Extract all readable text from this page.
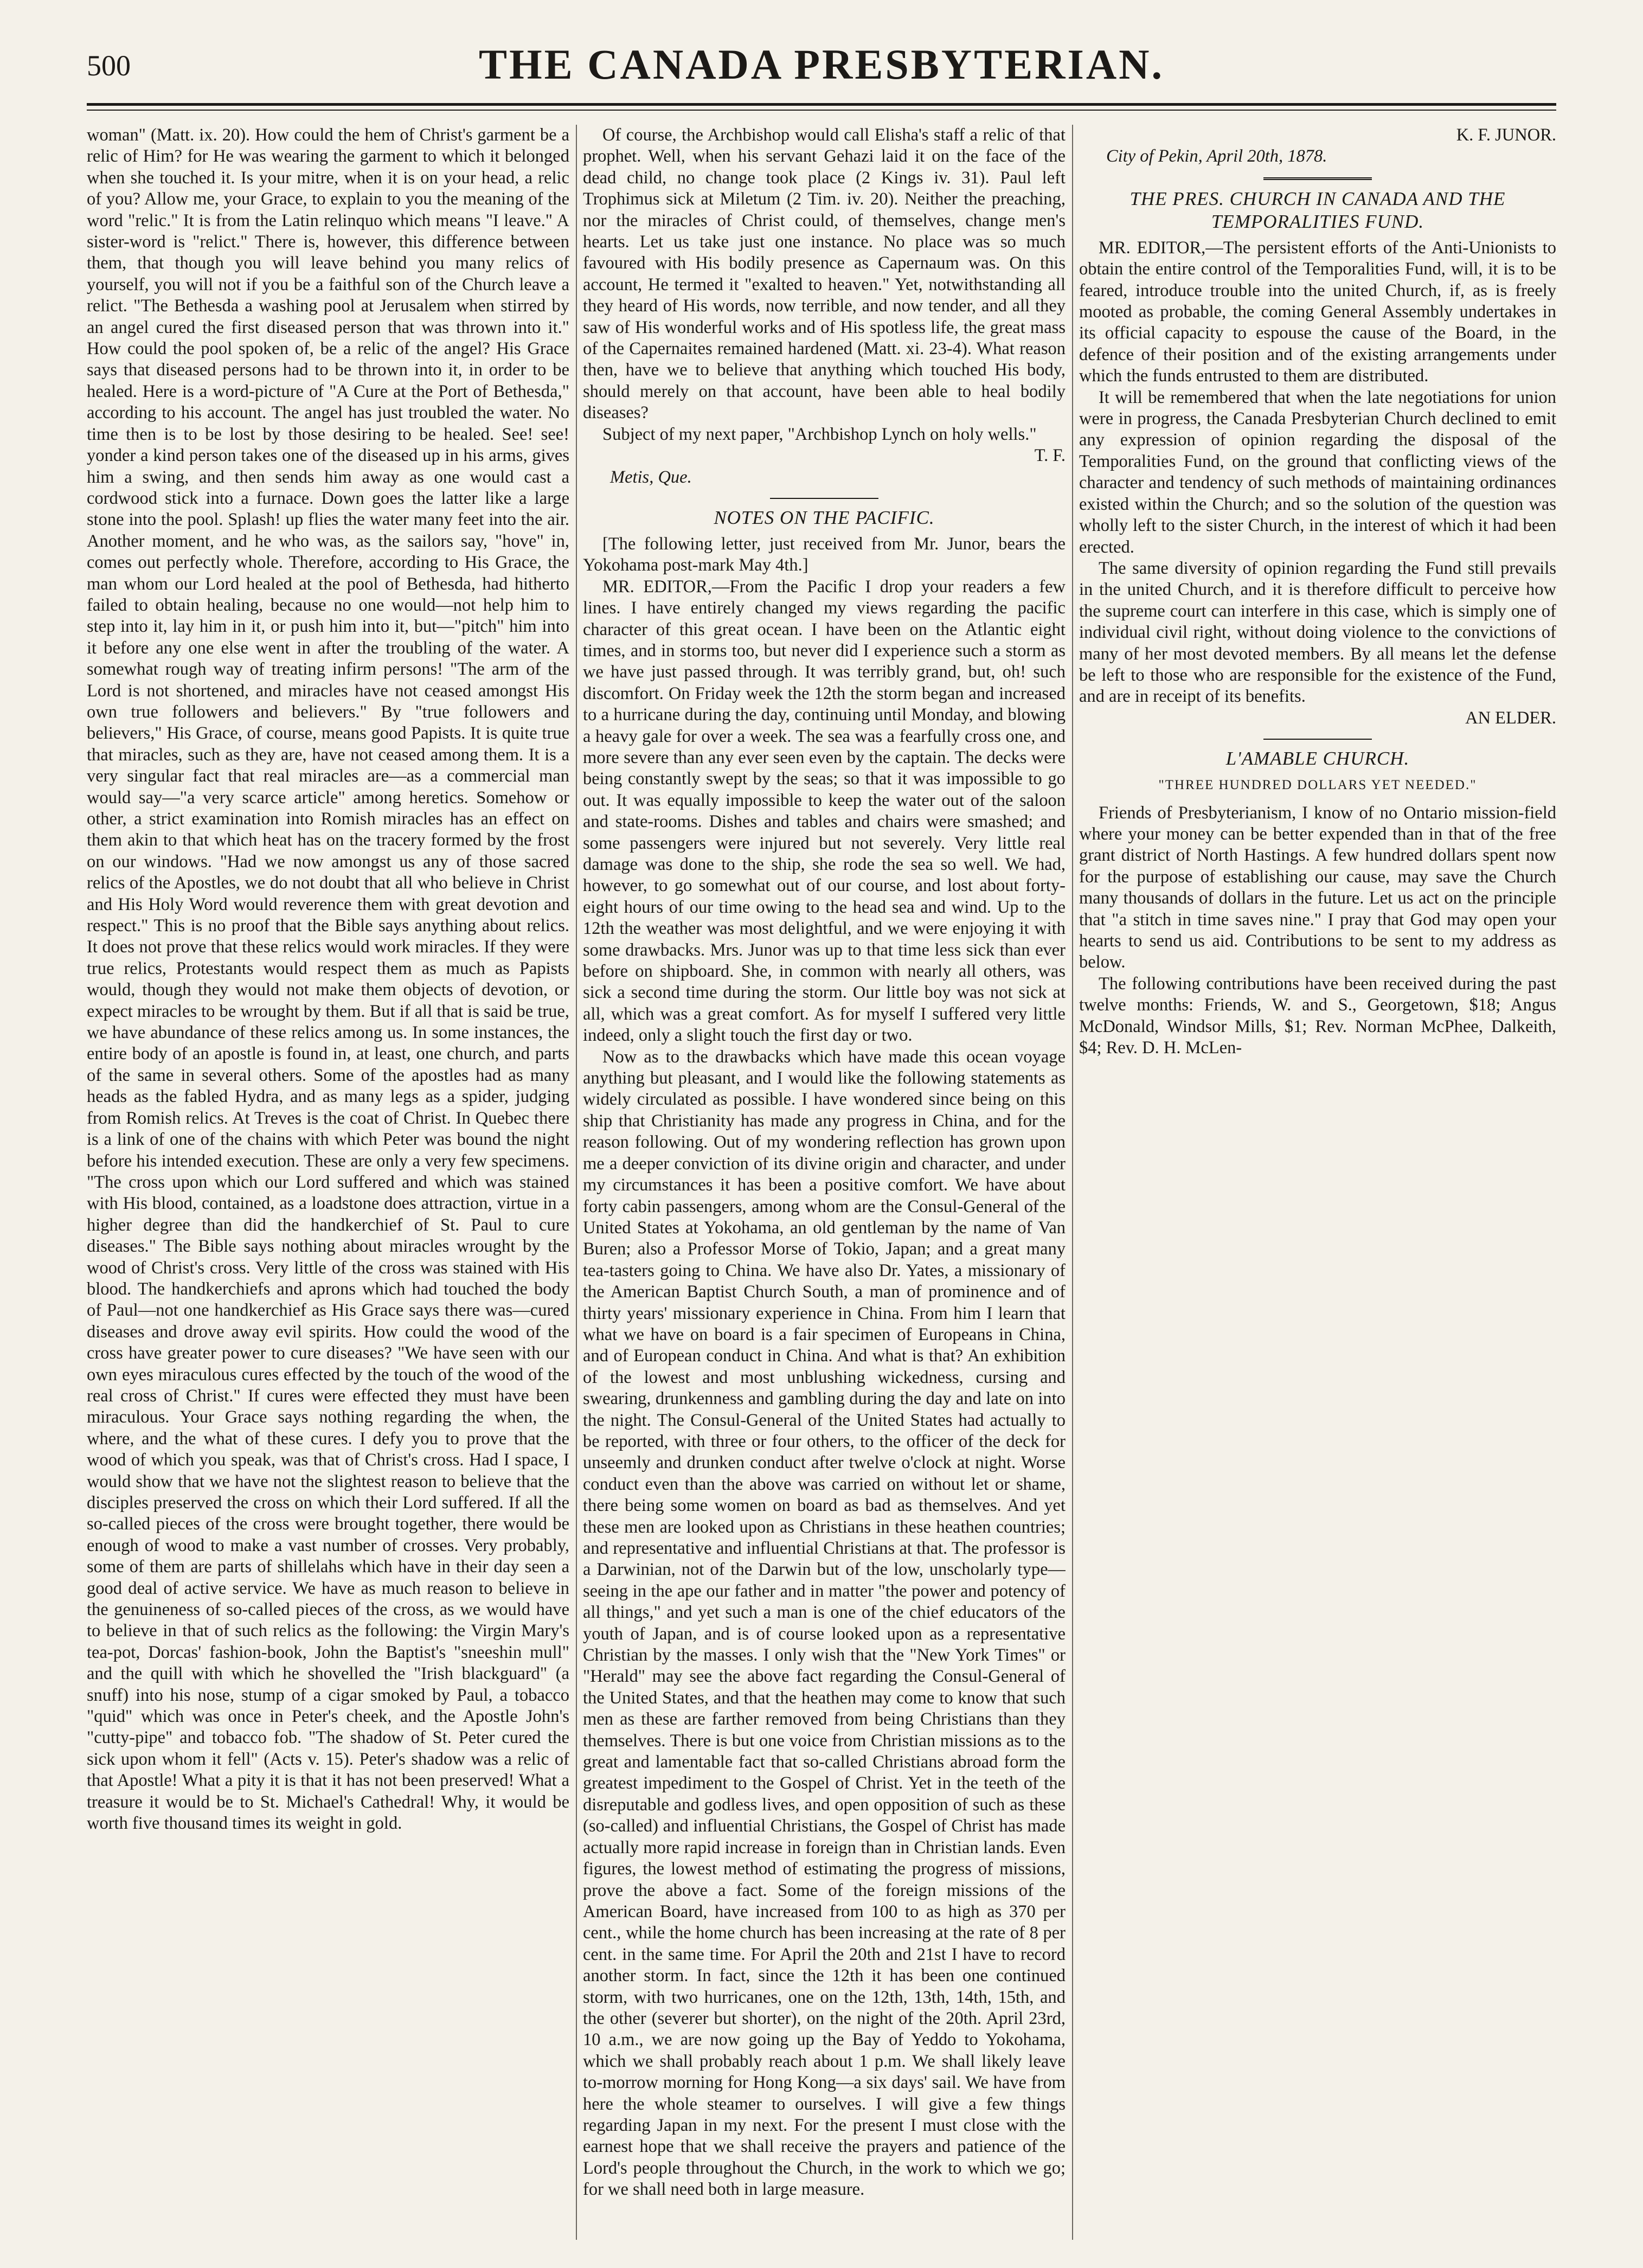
500	THE CANADA PRESBYTERIAN.

woman" (Matt. ix. 20). How could the hem of Christ's garment be a relic of Him? for He was wearing the garment to which it belonged when she touched it. Is your mitre, when it is on your head, a relic of you? Allow me, your Grace, to explain to you the meaning of the word "relic." It is from the Latin relinquo which means "I leave." A sister-word is "relict." There is, however, this difference between them, that though you will leave behind you many relics of yourself, you will not if you be a faithful son of the Church leave a relict. "The Bethesda a washing pool at Jerusalem when stirred by an angel cured the first diseased person that was thrown into it." How could the pool spoken of, be a relic of the angel? His Grace says that diseased persons had to be thrown into it, in order to be healed. Here is a word-picture of "A Cure at the Port of Bethesda," according to his account. The angel has just troubled the water. No time then is to be lost by those desiring to be healed. See! see! yonder a kind person takes one of the diseased up in his arms, gives him a swing, and then sends him away as one would cast a cordwood stick into a furnace. Down goes the latter like a large stone into the pool. Splash! up flies the water many feet into the air. Another moment, and he who was, as the sailors say, "hove" in, comes out perfectly whole. Therefore, according to His Grace, the man whom our Lord healed at the pool of Bethesda, had hitherto failed to obtain healing, because no one would—not help him to step into it, lay him in it, or push him into it, but—"pitch" him into it before any one else went in after the troubling of the water. A somewhat rough way of treating infirm persons! "The arm of the Lord is not shortened, and miracles have not ceased amongst His own true followers and believers." By "true followers and believers," His Grace, of course, means good Papists. It is quite true that miracles, such as they are, have not ceased among them. It is a very singular fact that real miracles are—as a commercial man would say—"a very scarce article" among heretics. Somehow or other, a strict examination into Romish miracles has an effect on them akin to that which heat has on the tracery formed by the frost on our windows. "Had we now amongst us any of those sacred relics of the Apostles, we do not doubt that all who believe in Christ and His Holy Word would reverence them with great devotion and respect." This is no proof that the Bible says anything about relics. It does not prove that these relics would work miracles. If they were true relics, Protestants would respect them as much as Papists would, though they would not make them objects of devotion, or expect miracles to be wrought by them. But if all that is said be true, we have abundance of these relics among us. In some instances, the entire body of an apostle is found in, at least, one church, and parts of the same in several others. Some of the apostles had as many heads as the fabled Hydra, and as many legs as a spider, judging from Romish relics. At Treves is the coat of Christ. In Quebec there is a link of one of the chains with which Peter was bound the night before his intended execution. These are only a very few specimens. "The cross upon which our Lord suffered and which was stained with His blood, contained, as a loadstone does attraction, virtue in a higher degree than did the handkerchief of St. Paul to cure diseases." The Bible says nothing about miracles wrought by the wood of Christ's cross. Very little of the cross was stained with His blood. The handkerchiefs and aprons which had touched the body of Paul—not one handkerchief as His Grace says there was—cured diseases and drove away evil spirits. How could the wood of the cross have greater power to cure diseases? "We have seen with our own eyes miraculous cures effected by the touch of the wood of the real cross of Christ." If cures were effected they must have been miraculous. Your Grace says nothing regarding the when, the where, and the what of these cures. I defy you to prove that the wood of which you speak, was that of Christ's cross. Had I space, I would show that we have not the slightest reason to believe that the disciples preserved the cross on which their Lord suffered. If all the so-called pieces of the cross were brought together, there would be enough of wood to make a vast number of crosses. Very probably, some of them are parts of shillelahs which have in their day seen a good deal of active service. We have as much reason to believe in the genuineness of so-called pieces of the cross, as we would have to believe in that of such relics as the following: the Virgin Mary's tea-pot, Dorcas' fashion-book, John the Baptist's "sneeshin mull" and the quill with which he shovelled the "Irish blackguard" (a snuff) into his nose, stump of a cigar smoked by Paul, a tobacco "quid" which was once in Peter's cheek, and the Apostle John's "cutty-pipe" and tobacco fob. "The shadow of St. Peter cured the sick upon whom it fell" (Acts v. 15). Peter's shadow was a relic of that Apostle! What a pity it is that it has not been preserved! What a treasure it would be to St. Michael's Cathedral! Why, it would be worth five thousand times its weight in gold.

Of course, the Archbishop would call Elisha's staff a relic of that prophet. Well, when his servant Gehazi laid it on the face of the dead child, no change took place (2 Kings iv. 31). Paul left Trophimus sick at Miletum (2 Tim. iv. 20). Neither the preaching, nor the miracles of Christ could, of themselves, change men's hearts. Let us take just one instance. No place was so much favoured with His bodily presence as Capernaum was. On this account, He termed it "exalted to heaven." Yet, notwithstanding all they heard of His words, now terrible, and now tender, and all they saw of His wonderful works and of His spotless life, the great mass of the Capernaites remained hardened (Matt. xi. 23-4). What reason then, have we to believe that anything which touched His body, should merely on that account, have been able to heal bodily diseases?

Subject of my next paper, "Archbishop Lynch on holy wells."

T. F.

Metis, Que.

NOTES ON THE PACIFIC.

[The following letter, just received from Mr. Junor, bears the Yokohama post-mark May 4th.]

MR. EDITOR,—From the Pacific I drop your readers a few lines. I have entirely changed my views regarding the pacific character of this great ocean. I have been on the Atlantic eight times, and in storms too, but never did I experience such a storm as we have just passed through. It was terribly grand, but, oh! such discomfort. On Friday week the 12th the storm began and increased to a hurricane during the day, continuing until Monday, and blowing a heavy gale for over a week. The sea was a fearfully cross one, and more severe than any ever seen even by the captain. The decks were being constantly swept by the seas; so that it was impossible to go out. It was equally impossible to keep the water out of the saloon and state-rooms. Dishes and tables and chairs were smashed; and some passengers were injured but not severely. Very little real damage was done to the ship, she rode the sea so well. We had, however, to go somewhat out of our course, and lost about forty-eight hours of our time owing to the head sea and wind. Up to the 12th the weather was most delightful, and we were enjoying it with some drawbacks. Mrs. Junor was up to that time less sick than ever before on shipboard. She, in common with nearly all others, was sick a second time during the storm. Our little boy was not sick at all, which was a great comfort. As for myself I suffered very little indeed, only a slight touch the first day or two.

Now as to the drawbacks which have made this ocean voyage anything but pleasant, and I would like the following statements as widely circulated as possible. I have wondered since being on this ship that Christianity has made any progress in China, and for the reason following. Out of my wondering reflection has grown upon me a deeper conviction of its divine origin and character, and under my circumstances it has been a positive comfort. We have about forty cabin passengers, among whom are the Consul-General of the United States at Yokohama, an old gentleman by the name of Van Buren; also a Professor Morse of Tokio, Japan; and a great many tea-tasters going to China. We have also Dr. Yates, a missionary of the American Baptist Church South, a man of prominence and of thirty years' missionary experience in China. From him I learn that what we have on board is a fair specimen of Europeans in China, and of European conduct in China. And what is that? An exhibition of the lowest and most unblushing wickedness, cursing and swearing, drunkenness and gambling during the day and late on into the night. The Consul-General of the United States had actually to be reported, with three or four others, to the officer of the deck for unseemly and drunken conduct after twelve o'clock at night. Worse conduct even than the above was carried on without let or shame, there being some women on board as bad as themselves. And yet these men are looked upon as Christians in these heathen countries; and representative and influential Christians at that. The professor is a Darwinian, not of the Darwin but of the low, unscholarly type—seeing in the ape our father and in matter "the power and potency of all things," and yet such a man is one of the chief educators of the youth of Japan, and is of course looked upon as a representative Christian by the masses. I only wish that the "New York Times" or "Herald" may see the above fact regarding the Consul-General of the United States, and that the heathen may come to know that such men as these are farther removed from being Christians than they themselves. There is but one voice from Christian missions as to the great and lamentable fact that so-called Christians abroad form the greatest impediment to the Gospel of Christ. Yet in the teeth of the disreputable and godless lives, and open opposition of such as these (so-called) and influential Christians, the Gospel of Christ has made actually more rapid increase in foreign than in Christian lands. Even figures, the lowest method of estimating the progress of missions, prove the above a fact. Some of the foreign missions of the American Board, have increased from 100 to as high as 370 per cent., while the home church has been increasing at the rate of 8 per cent. in the same time. For April the 20th and 21st I have to record another storm. In fact, since the 12th it has been one continued storm, with two hurricanes, one on the 12th, 13th, 14th, 15th, and the other (severer but shorter), on the night of the 20th. April 23rd, 10 a.m., we are now going up the Bay of Yeddo to Yokohama, which we shall probably reach about 1 p.m. We shall likely leave to-morrow morning for Hong Kong—a six days' sail. We have from here the whole steamer to ourselves. I will give a few things regarding Japan in my next. For the present I must close with the earnest hope that we shall receive the prayers and patience of the Lord's people throughout the Church, in the work to which we go; for we shall need both in large measure.

K. F. JUNOR.

City of Pekin, April 20th, 1878.

THE PRES. CHURCH IN CANADA AND THE TEMPORALITIES FUND.

MR. EDITOR,—The persistent efforts of the Anti-Unionists to obtain the entire control of the Temporalities Fund, will, it is to be feared, introduce trouble into the united Church, if, as is freely mooted as probable, the coming General Assembly undertakes in its official capacity to espouse the cause of the Board, in the defence of their position and of the existing arrangements under which the funds entrusted to them are distributed.

It will be remembered that when the late negotiations for union were in progress, the Canada Presbyterian Church declined to emit any expression of opinion regarding the disposal of the Temporalities Fund, on the ground that conflicting views of the character and tendency of such methods of maintaining ordinances existed within the Church; and so the solution of the question was wholly left to the sister Church, in the interest of which it had been erected.

The same diversity of opinion regarding the Fund still prevails in the united Church, and it is therefore difficult to perceive how the supreme court can interfere in this case, which is simply one of individual civil right, without doing violence to the convictions of many of her most devoted members. By all means let the defense be left to those who are responsible for the existence of the Fund, and are in receipt of its benefits.

AN ELDER.

L'AMABLE CHURCH.
"THREE HUNDRED DOLLARS YET NEEDED."

Friends of Presbyterianism, I know of no Ontario mission-field where your money can be better expended than in that of the free grant district of North Hastings. A few hundred dollars spent now for the purpose of establishing our cause, may save the Church many thousands of dollars in the future. Let us act on the principle that "a stitch in time saves nine." I pray that God may open your hearts to send us aid. Contributions to be sent to my address as below.

The following contributions have been received during the past twelve months: Friends, W. and S., Georgetown, $18; Angus McDonald, Windsor Mills, $1; Rev. Norman McPhee, Dalkeith, $4; Rev. D. H. McLen-
